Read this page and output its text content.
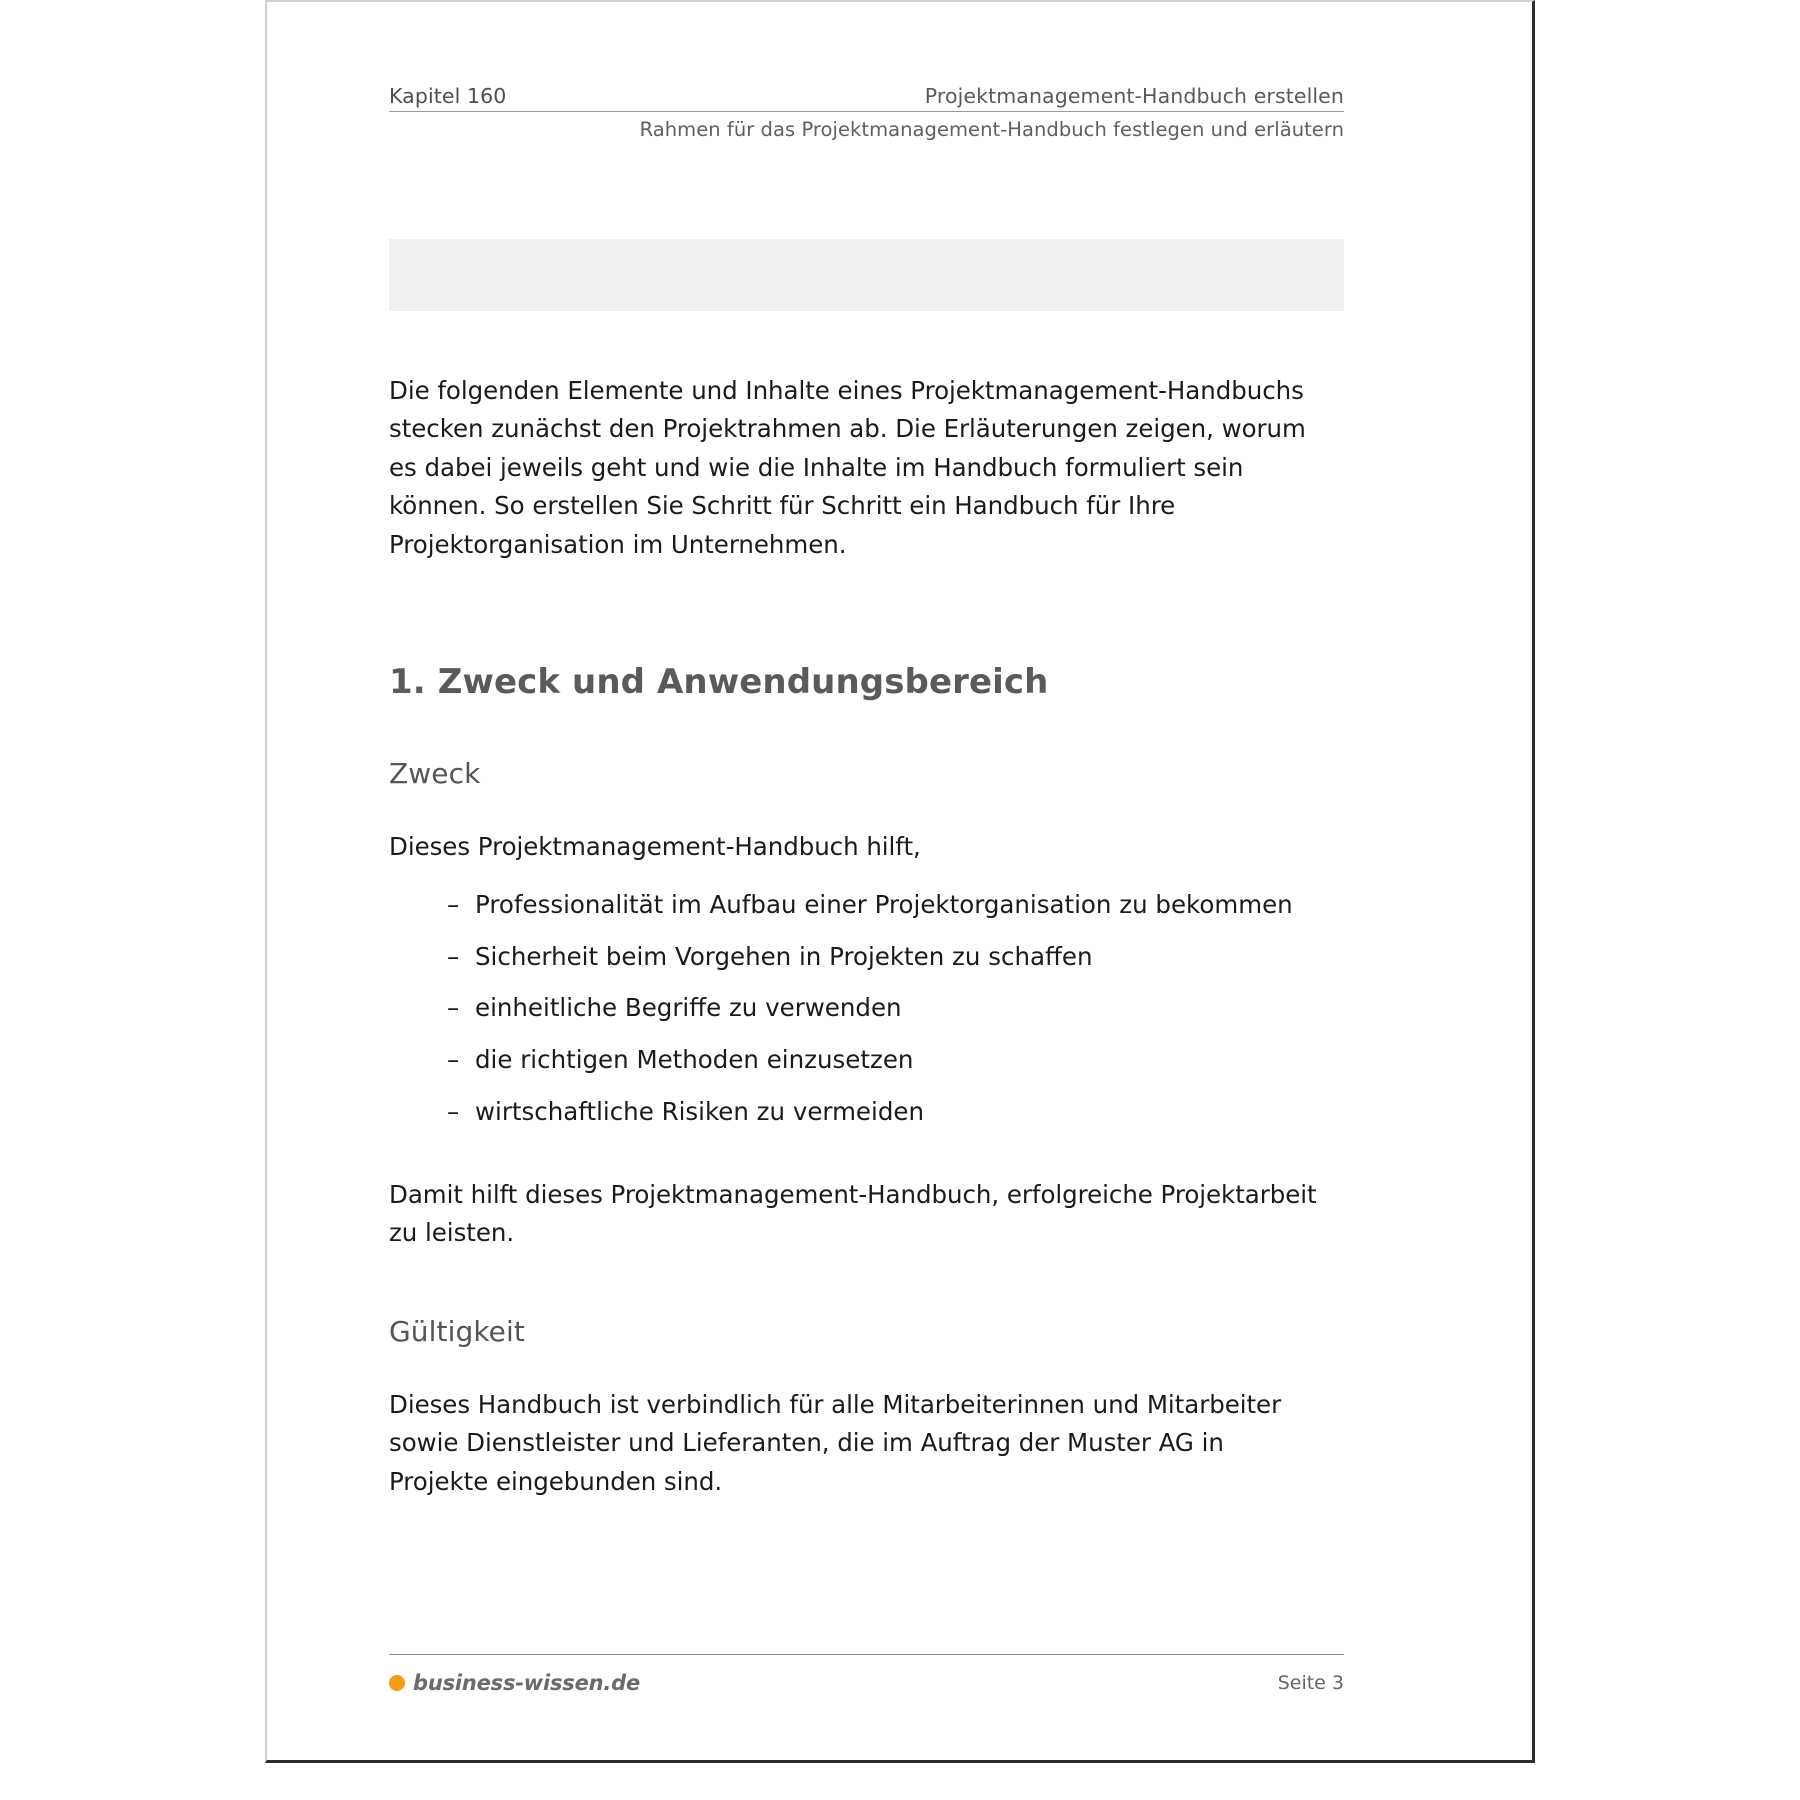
Kapitel 160	Projektmanagement-Handbuch erstellen
Rahmen für das Projektmanagement-Handbuch festlegen und erläutern

Die folgenden Elemente und Inhalte eines Projektmanagement-Handbuchs stecken zunächst den Projektrahmen ab. Die Erläuterungen zeigen, worum es dabei jeweils geht und wie die Inhalte im Handbuch formuliert sein können. So erstellen Sie Schritt für Schritt ein Handbuch für Ihre Projektorganisation im Unternehmen.

1. Zweck und Anwendungsbereich
Zweck

Dieses Projektmanagement-Handbuch hilft,

– Professionalität im Aufbau einer Projektorganisation zu bekommen
– Sicherheit beim Vorgehen in Projekten zu schaffen
– einheitliche Begriffe zu verwenden
– die richtigen Methoden einzusetzen
– wirtschaftliche Risiken zu vermeiden

Damit hilft dieses Projektmanagement-Handbuch, erfolgreiche Projektarbeit zu leisten.

Gültigkeit

Dieses Handbuch ist verbindlich für alle Mitarbeiterinnen und Mitarbeiter sowie Dienstleister und Lieferanten, die im Auftrag der Muster AG in Projekte eingebunden sind.

business-wissen.de	Seite 3
